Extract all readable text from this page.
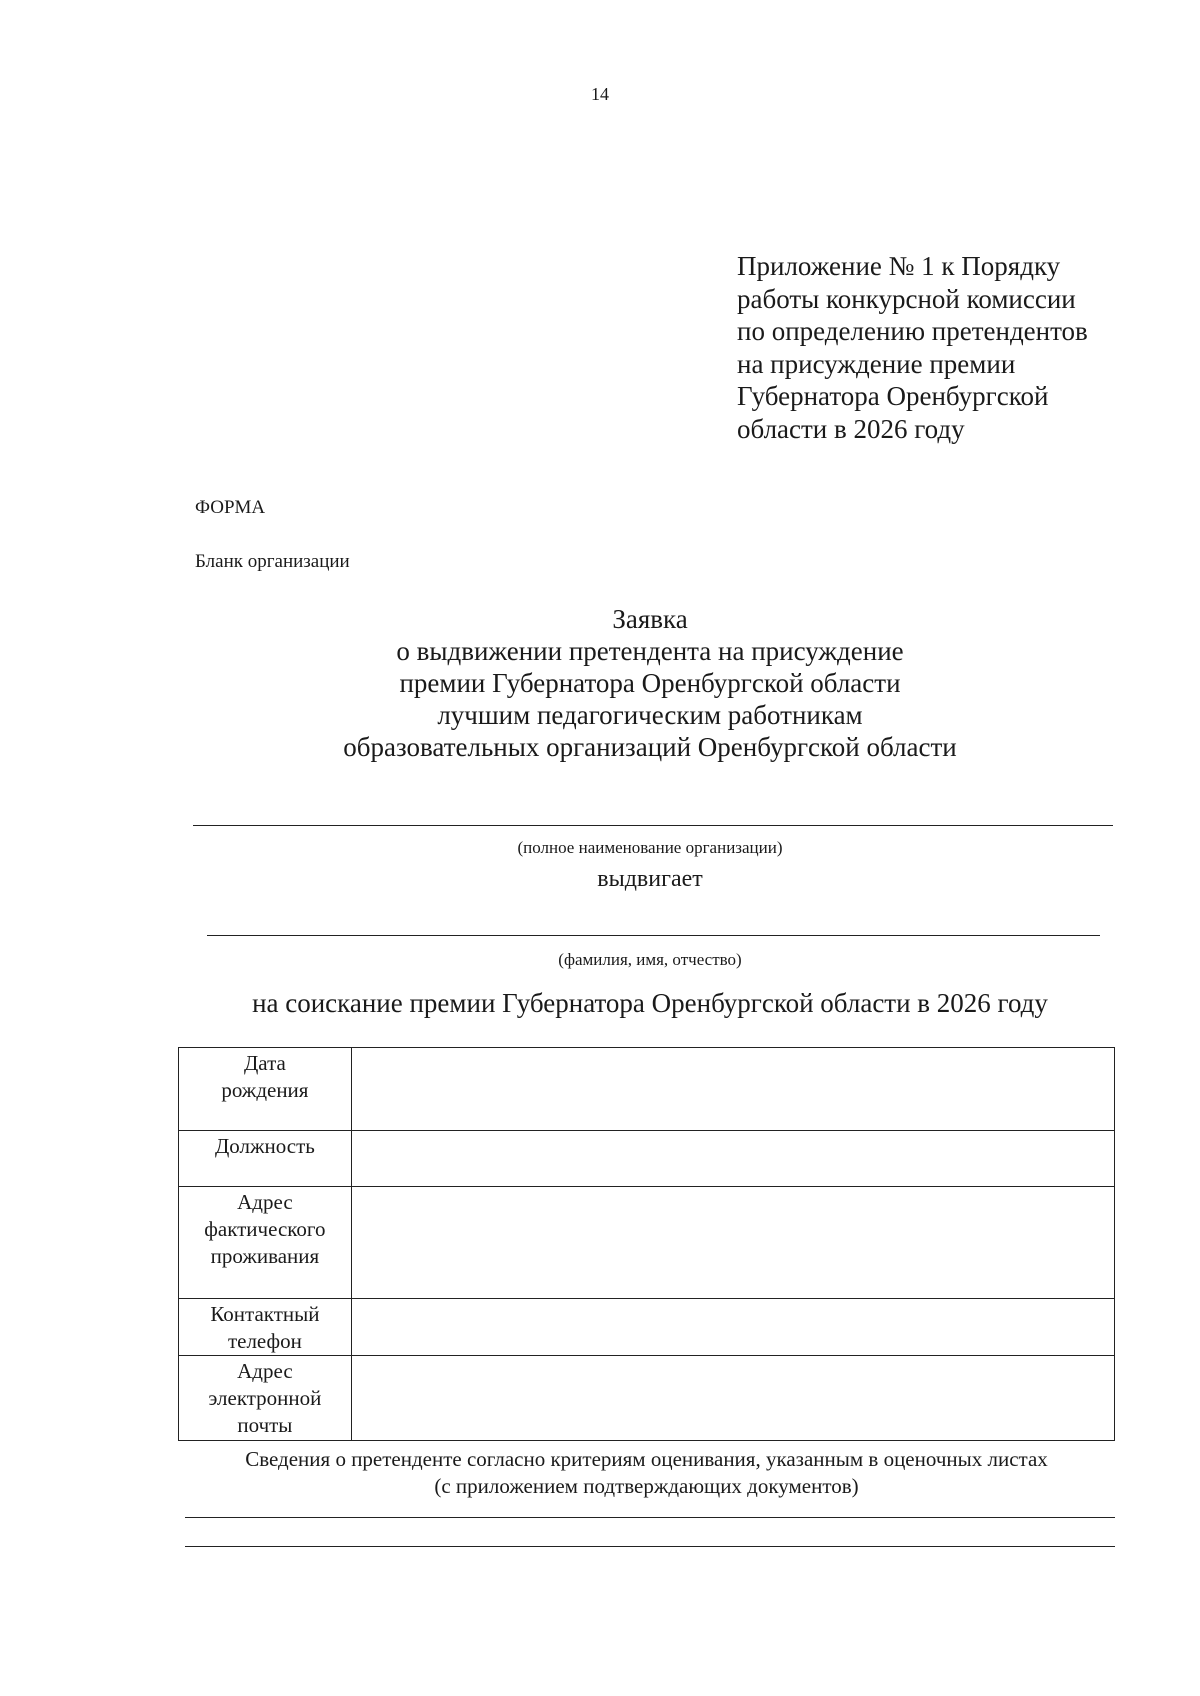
14
Приложение № 1 к Порядку
работы конкурсной комиссии
по определению претендентов
на присуждение премии
Губернатора Оренбургской
области в 2026 году
ФОРМА
Бланк организации
Заявка
о выдвижении претендента на присуждение
премии Губернатора Оренбургской области
лучшим педагогическим работникам
образовательных организаций Оренбургской области
(полное наименование организации)
выдвигает
(фамилия, имя, отчество)
на соискание премии Губернатора Оренбургской области в 2026 году
Дата
рождения	

Должность	

Адрес
фактического
проживания	

Контактный
телефон	

Адрес
электронной
почты	

Сведения о претенденте согласно критериям оценивания, указанным в оценочных листах
(с приложением подтверждающих документов)
